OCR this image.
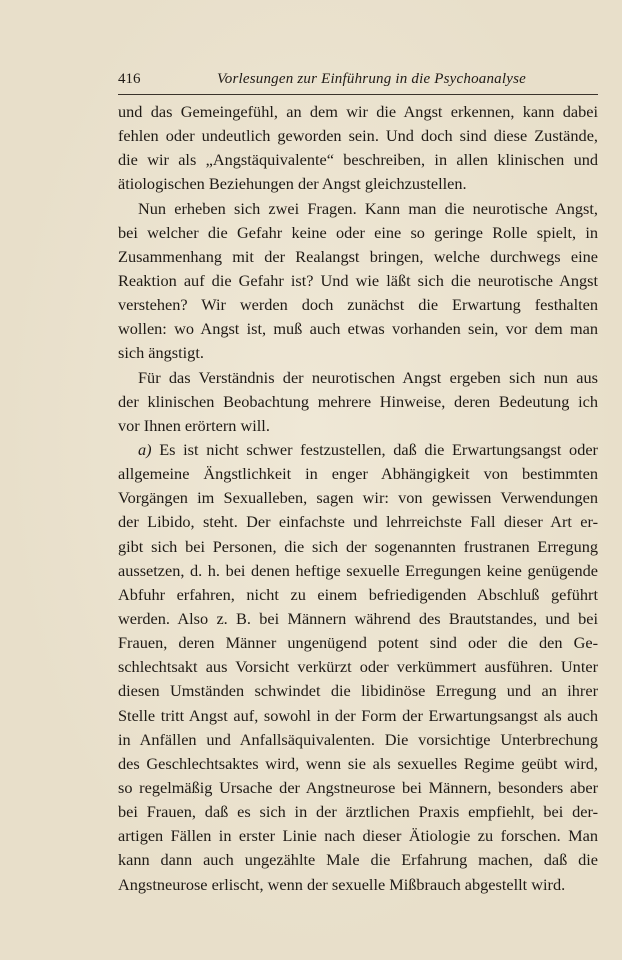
416	Vorlesungen zur Einführung in die Psychoanalyse
und das Gemeingefühl, an dem wir die Angst erkennen, kann dabei
fehlen oder undeutlich geworden sein. Und doch sind diese Zustände,
die wir als „Angstäquivalente“ beschreiben, in allen klinischen und
ätiologischen Beziehungen der Angst gleichzustellen.
Nun erheben sich zwei Fragen. Kann man die neurotische Angst,
bei welcher die Gefahr keine oder eine so geringe Rolle spielt, in
Zusammenhang mit der Realangst bringen, welche durchwegs eine
Reaktion auf die Gefahr ist? Und wie läßt sich die neurotische Angst
verstehen? Wir werden doch zunächst die Erwartung festhalten
wollen: wo Angst ist, muß auch etwas vorhanden sein, vor dem man
sich ängstigt.
Für das Verständnis der neurotischen Angst ergeben sich nun aus
der klinischen Beobachtung mehrere Hinweise, deren Bedeutung ich
vor Ihnen erörtern will.
a) Es ist nicht schwer festzustellen, daß die Erwartungsangst oder
allgemeine Ängstlichkeit in enger Abhängigkeit von bestimmten
Vorgängen im Sexualleben, sagen wir: von gewissen Verwendungen
der Libido, steht. Der einfachste und lehrreichste Fall dieser Art er-
gibt sich bei Personen, die sich der sogenannten frustranen Erregung
aussetzen, d. h. bei denen heftige sexuelle Erregungen keine genügende
Abfuhr erfahren, nicht zu einem befriedigenden Abschluß geführt
werden. Also z. B. bei Männern während des Brautstandes, und bei
Frauen, deren Männer ungenügend potent sind oder die den Ge-
schlechtsakt aus Vorsicht verkürzt oder verkümmert ausführen. Unter
diesen Umständen schwindet die libidinöse Erregung und an ihrer
Stelle tritt Angst auf, sowohl in der Form der Erwartungsangst als auch
in Anfällen und Anfallsäquivalenten. Die vorsichtige Unterbrechung
des Geschlechtsaktes wird, wenn sie als sexuelles Regime geübt wird,
so regelmäßig Ursache der Angstneurose bei Männern, besonders aber
bei Frauen, daß es sich in der ärztlichen Praxis empfiehlt, bei der-
artigen Fällen in erster Linie nach dieser Ätiologie zu forschen. Man
kann dann auch ungezählte Male die Erfahrung machen, daß die
Angstneurose erlischt, wenn der sexuelle Mißbrauch abgestellt wird.
